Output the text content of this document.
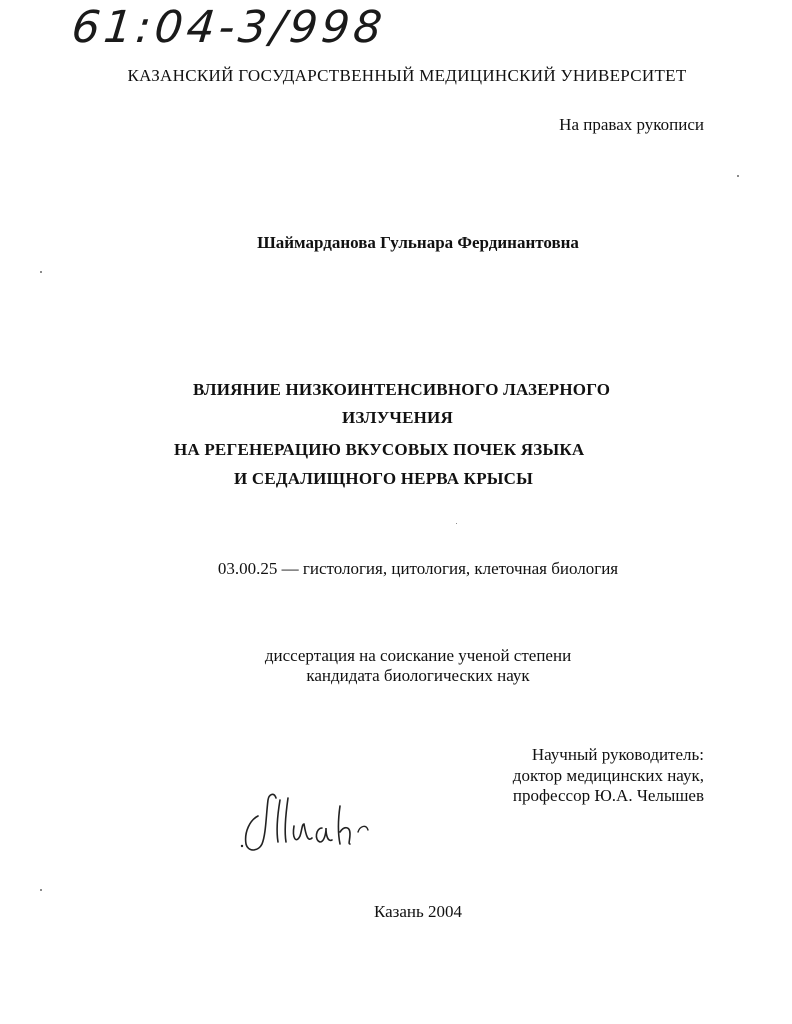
61:04-3/998
КАЗАНСКИЙ ГОСУДАРСТВЕННЫЙ МЕДИЦИНСКИЙ УНИВЕРСИТЕТ
На правах рукописи
Шаймарданова Гульнара Фердинантовна
ВЛИЯНИЕ НИЗКОИНТЕНСИВНОГО ЛАЗЕРНОГО
ИЗЛУЧЕНИЯ
НА РЕГЕНЕРАЦИЮ ВКУСОВЫХ ПОЧЕК ЯЗЫКА
И СЕДАЛИЩНОГО НЕРВА КРЫСЫ
03.00.25 — гистология, цитология, клеточная биология
диссертация на соискание ученой степени
кандидата биологических наук
Научный руководитель:
доктор медицинских наук,
профессор Ю.А. Челышев
Казань 2004
